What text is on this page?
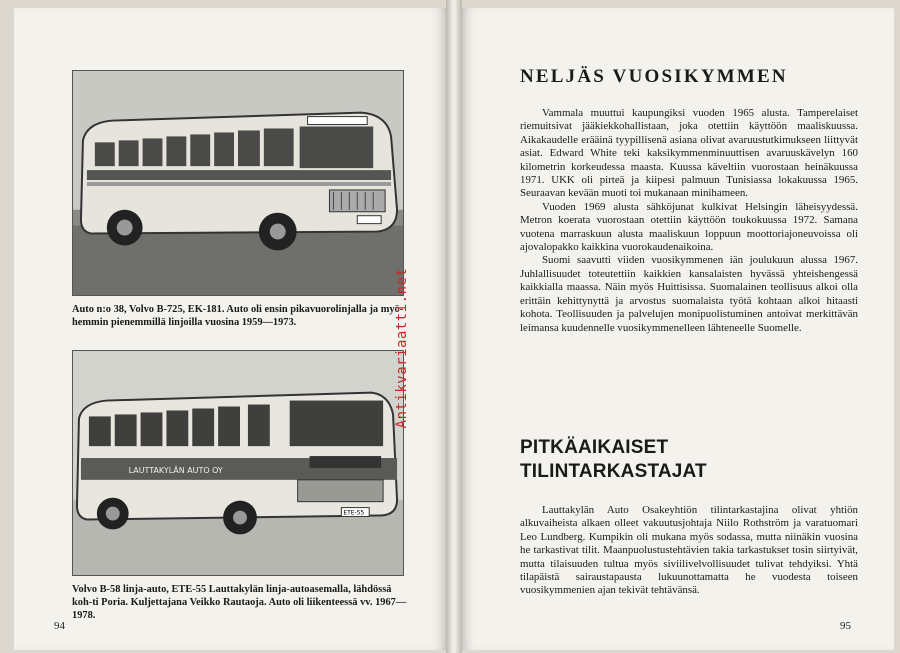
Auto n:o 38, Volvo B-725, EK-181. Auto oli ensin pikavuorolinjalla ja myö-hemmin pienemmillä linjoilla vuosina 1959—1973.
LAUTTAKYLÄN AUTO OY
ETE-55
Volvo B-58 linja-auto, ETE-55 Lauttakylän linja-autoasemalla, lähdössä koh-ti Poria. Kuljettajana Veikko Rautaoja. Auto oli liikenteessä vv. 1967—1978.
94
Antikvariaatti.net
NELJÄS VUOSIKYMMEN

Vammala muuttui kaupungiksi vuoden 1965 alusta. Tamperelaiset riemuitsivat jääkiekkohallistaan, joka otettiin käyttöön maaliskuussa. Aikakaudelle erääinä tyypillisenä asiana olivat avaruustutkimukseen liittyvät asiat. Edward White teki kaksikymmenminuuttisen avaruuskävelyn 160 kilometrin korkeudessa maasta. Kuussa käveltiin vuorostaan heinäkuussa 1971. UKK oli pirteä ja kiipesi palmuun Tunisiassa lokakuussa 1965. Seuraavan kevään muoti toi mukanaan minihameen.

Vuoden 1969 alusta sähköjunat kulkivat Helsingin läheisyydessä. Metron koerata vuorostaan otettiin käyttöön toukokuussa 1972. Samana vuotena marraskuun alusta maaliskuun loppuun moottoriajoneuvoissa oli ajovalopakko kaikkina vuorokaudenaikoina.

Suomi saavutti viiden vuosikymmenen iän joulukuun alussa 1967. Juhlallisuudet toteutettiin kaikkien kansalaisten hyvässä yhteishengessä kaikkialla maassa. Näin myös Huittisissa. Suomalainen teollisuus alkoi olla erittäin kehittynyttä ja arvostus suomalaista työtä kohtaan alkoi hitaasti kohota. Teollisuuden ja palvelujen monipuolistuminen antoivat merkittävän leimansa kuudennelle vuosikymmenelleen lähteneelle Suomelle.

PITKÄAIKAISET
TILINTARKASTAJAT

Lauttakylän Auto Osakeyhtiön tilintarkastajina olivat yhtiön alkuvaiheista alkaen olleet vakuutusjohtaja Niilo Rothström ja varatuomari Leo Lundberg. Kumpikin oli mukana myös sodassa, mutta niinäkin vuosina he tarkastivat tilit. Maanpuolustustehtävien takia tarkastukset tosin siirtyivät, mutta tilaisuuden tultua myös siviilivelvollisuudet tulivat tehdyiksi. Yhtä tilapäistä sairaustapausta lukuunottamatta he vuodesta toiseen vuosikymmenien ajan tekivät tehtävänsä.

95
